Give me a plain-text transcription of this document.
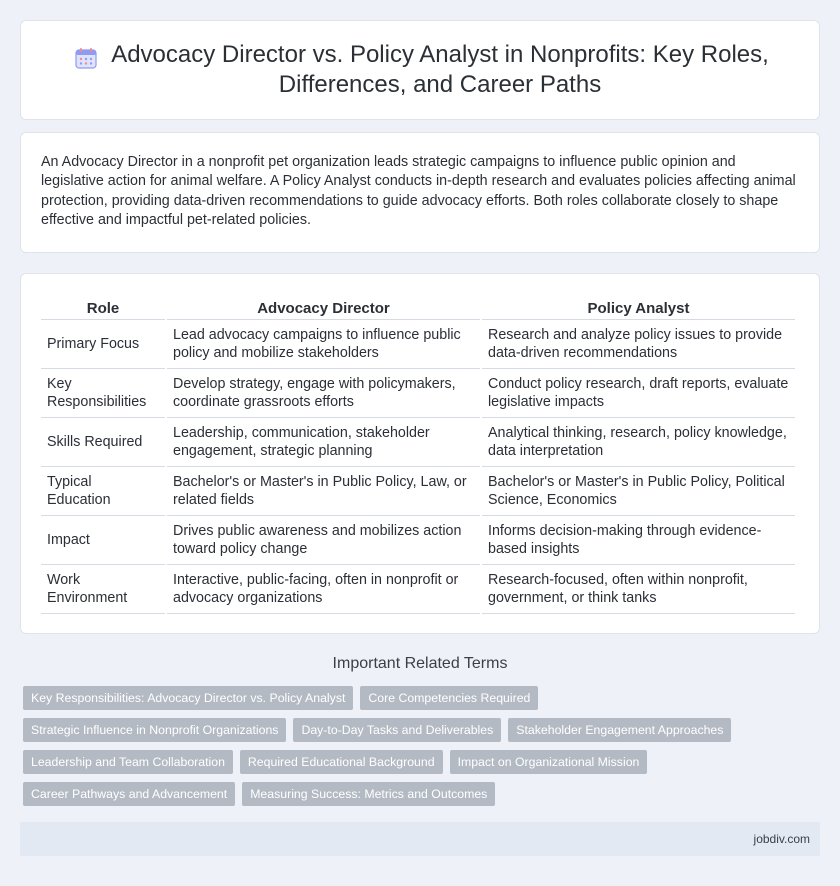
Advocacy Director vs. Policy Analyst in Nonprofits: Key Roles, Differences, and Career Paths

An Advocacy Director in a nonprofit pet organization leads strategic campaigns to influence public opinion and legislative action for animal welfare. A Policy Analyst conducts in-depth research and evaluates policies affecting animal protection, providing data-driven recommendations to guide advocacy efforts. Both roles collaborate closely to shape effective and impactful pet-related policies.

Role	Advocacy Director	Policy Analyst
Primary Focus	Lead advocacy campaigns to influence public policy and mobilize stakeholders	Research and analyze policy issues to provide data-driven recommendations
Key Responsibilities	Develop strategy, engage with policymakers, coordinate grassroots efforts	Conduct policy research, draft reports, evaluate legislative impacts
Skills Required	Leadership, communication, stakeholder engagement, strategic planning	Analytical thinking, research, policy knowledge, data interpretation
Typical Education	Bachelor's or Master's in Public Policy, Law, or related fields	Bachelor's or Master's in Public Policy, Political Science, Economics
Impact	Drives public awareness and mobilizes action toward policy change	Informs decision-making through evidence-based insights
Work Environment	Interactive, public-facing, often in nonprofit or advocacy organizations	Research-focused, often within nonprofit, government, or think tanks
Important Related Terms
Key Responsibilities: Advocacy Director vs. Policy Analyst	Core Competencies Required
Strategic Influence in Nonprofit Organizations	Day-to-Day Tasks and Deliverables	Stakeholder Engagement Approaches
Leadership and Team Collaboration	Required Educational Background	Impact on Organizational Mission
Career Pathways and Advancement	Measuring Success: Metrics and Outcomes
jobdiv.com
